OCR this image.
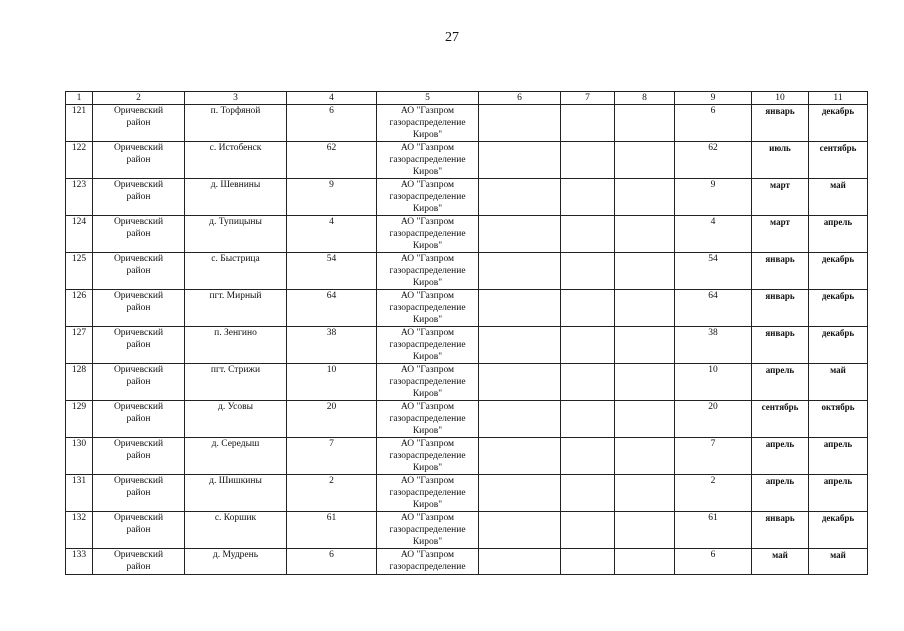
27
1	2	3	4	5	6	7	8	9	10	11
121	Оричевский
район	п. Торфяной	6	АО "Газпром
газораспределение
Киров"				6	январь	декабрь
122	Оричевский
район	с. Истобенск	62	АО "Газпром
газораспределение
Киров"				62	июль	сентябрь
123	Оричевский
район	д. Шевнины	9	АО "Газпром
газораспределение
Киров"				9	март	май
124	Оричевский
район	д. Тупицыны	4	АО "Газпром
газораспределение
Киров"				4	март	апрель
125	Оричевский
район	с. Быстрица	54	АО "Газпром
газораспределение
Киров"				54	январь	декабрь
126	Оричевский
район	пгт. Мирный	64	АО "Газпром
газораспределение
Киров"				64	январь	декабрь
127	Оричевский
район	п. Зенгино	38	АО "Газпром
газораспределение
Киров"				38	январь	декабрь
128	Оричевский
район	пгт. Стрижи	10	АО "Газпром
газораспределение
Киров"				10	апрель	май
129	Оричевский
район	д. Усовы	20	АО "Газпром
газораспределение
Киров"				20	сентябрь	октябрь
130	Оричевский
район	д. Середыш	7	АО "Газпром
газораспределение
Киров"				7	апрель	апрель
131	Оричевский
район	д. Шишкины	2	АО "Газпром
газораспределение
Киров"				2	апрель	апрель
132	Оричевский
район	с. Коршик	61	АО "Газпром
газораспределение
Киров"				61	январь	декабрь
133	Оричевский
район	д. Мудрень	6	АО "Газпром
газораспределение				6	май	май
